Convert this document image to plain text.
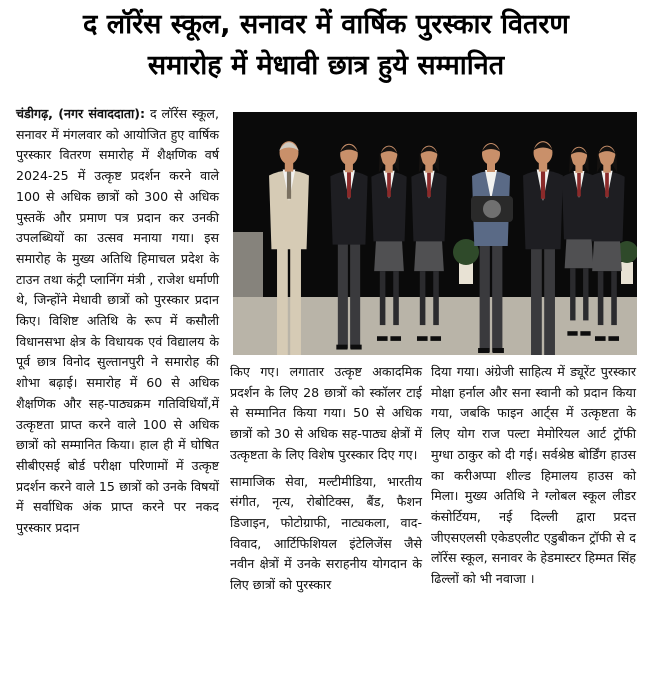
द लॉरेंस स्कूल, सनावर में वार्षिक पुरस्कार वितरण
समारोह में मेधावी छात्र हुये सम्मानित

चंडीगढ़, (नगर संवाददाता): द लॉरेंस स्कूल, सनावर में मंगलवार को आयोजित हुए वार्षिक पुरस्कार वितरण समारोह में शैक्षणिक वर्ष 2024-25 में उत्कृष्ट प्रदर्शन करने वाले 100 से अधिक छात्रों को 300 से अधिक पुस्तकें और प्रमाण पत्र प्रदान कर उनकी उपलब्धियों का उत्सव मनाया गया। इस समारोह के मुख्य अतिथि हिमाचल प्रदेश के टाउन तथा कंट्री प्लानिंग मंत्री , राजेश धर्माणी थे, जिन्होंने मेधावी छात्रों को पुरस्कार प्रदान किए। विशिष्ट अतिथि के रूप में कसौली विधानसभा क्षेत्र के विधायक एवं विद्यालय के पूर्व छात्र विनोद सुल्तानपुरी ने समारोह की शोभा बढ़ाई। समारोह में 60 से अधिक शैक्षणिक और सह-पाठ्यक्रम गतिविधियाँ,में उत्कृष्टता प्राप्त करने वाले 100 से अधिक छात्रों को सम्मानित किया। हाल ही में घोषित सीबीएसई बोर्ड परीक्षा परिणामों में उत्कृष्ट प्रदर्शन करने वाले 15 छात्रों को उनके विषयों में सर्वाधिक अंक प्राप्त करने पर नकद पुरस्कार प्रदान

किए गए। लगातार उत्कृष्ट अकादमिक प्रदर्शन के लिए 28 छात्रों को स्कॉलर टाई से सम्मानित किया गया। 50 से अधिक छात्रों को 30 से अधिक सह-पाठ्य क्षेत्रों में उत्कृष्टता के लिए विशेष पुरस्कार दिए गए।

सामाजिक सेवा, मल्टीमीडिया, भारतीय संगीत, नृत्य, रोबोटिक्स, बैंड, फैशन डिजाइन, फोटोग्राफी, नाट्यकला, वाद-विवाद, आर्टिफिशियल इंटेलिजेंस जैसे नवीन क्षेत्रों में उनके सराहनीय योगदान के लिए छात्रों को पुरस्कार

दिया गया। अंग्रेजी साहित्य में ड्यूरेंट पुरस्कार मोक्षा हर्नाल और सना स्वानी को प्रदान किया गया, जबकि फाइन आर्ट्स में उत्कृष्टता के लिए योग राज पल्टा मेमोरियल आर्ट ट्रॉफी मुग्धा ठाकुर को दी गई। सर्वश्रेष्ठ बोर्डिंग हाउस का करीअप्पा शील्ड हिमालय हाउस को मिला। मुख्य अतिथि ने ग्लोबल स्कूल लीडर कंसोर्टियम, नई दिल्ली द्वारा प्रदत्त जीएसएलसी एकेडएलीट एडुबीकन ट्रॉफी से द लॉरेंस स्कूल, सनावर के हेडमास्टर हिम्मत सिंह ढिल्लों को भी नवाजा ।
